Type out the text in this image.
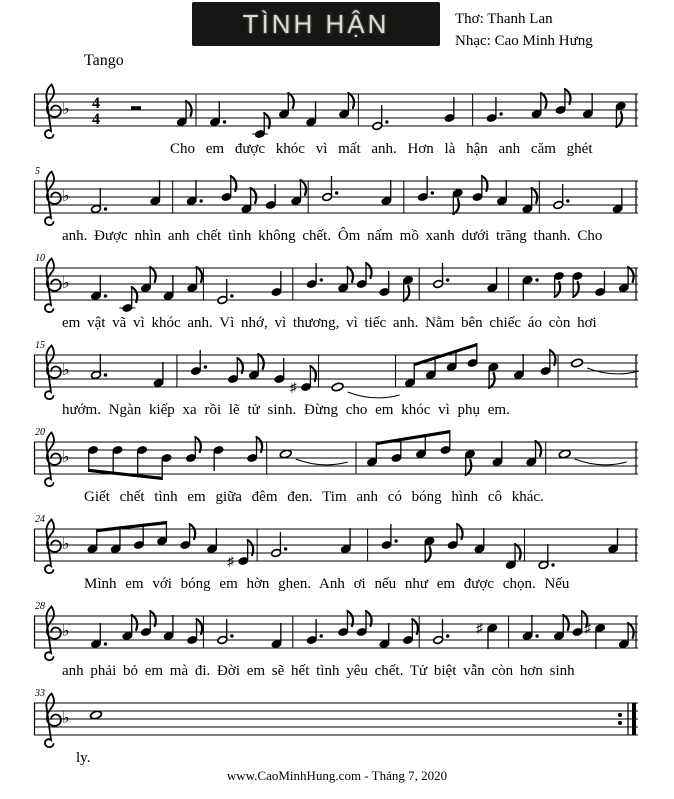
TÌNH HẬN	Thơ: Thanh Lan
Nhạc: Cao Minh Hưng
Tango
♭ 4
4
Cho em được khóc vì mất anh. Hơn là hận anh căm ghét
♭
5
anh. Được nhìn anh chết tình không chết. Ôm nấm mồ xanh dưới trăng thanh. Cho
♭
10
em vật vã vì khóc anh. Vì nhớ, vì thương, vì tiếc anh. Nằm bên chiếc áo còn hơi
♭
15
♯
hướm. Ngàn kiếp xa rồi lẽ tử sinh. Đừng cho em khóc vì phụ em.
♭
20
Giết chết tình em giữa đêm đen. Tim anh có bóng hình cô khác.
♭
24
♯
Mình em với bóng em hờn ghen. Anh ơi nếu như em được chọn. Nếu
♭
28
♯	♯
anh phải bỏ em mà đi. Đời em sẽ hết tình yêu chết. Tử biệt vẫn còn hơn sinh
♭
33
ly.
www.CaoMinhHung.com - Tháng 7, 2020
